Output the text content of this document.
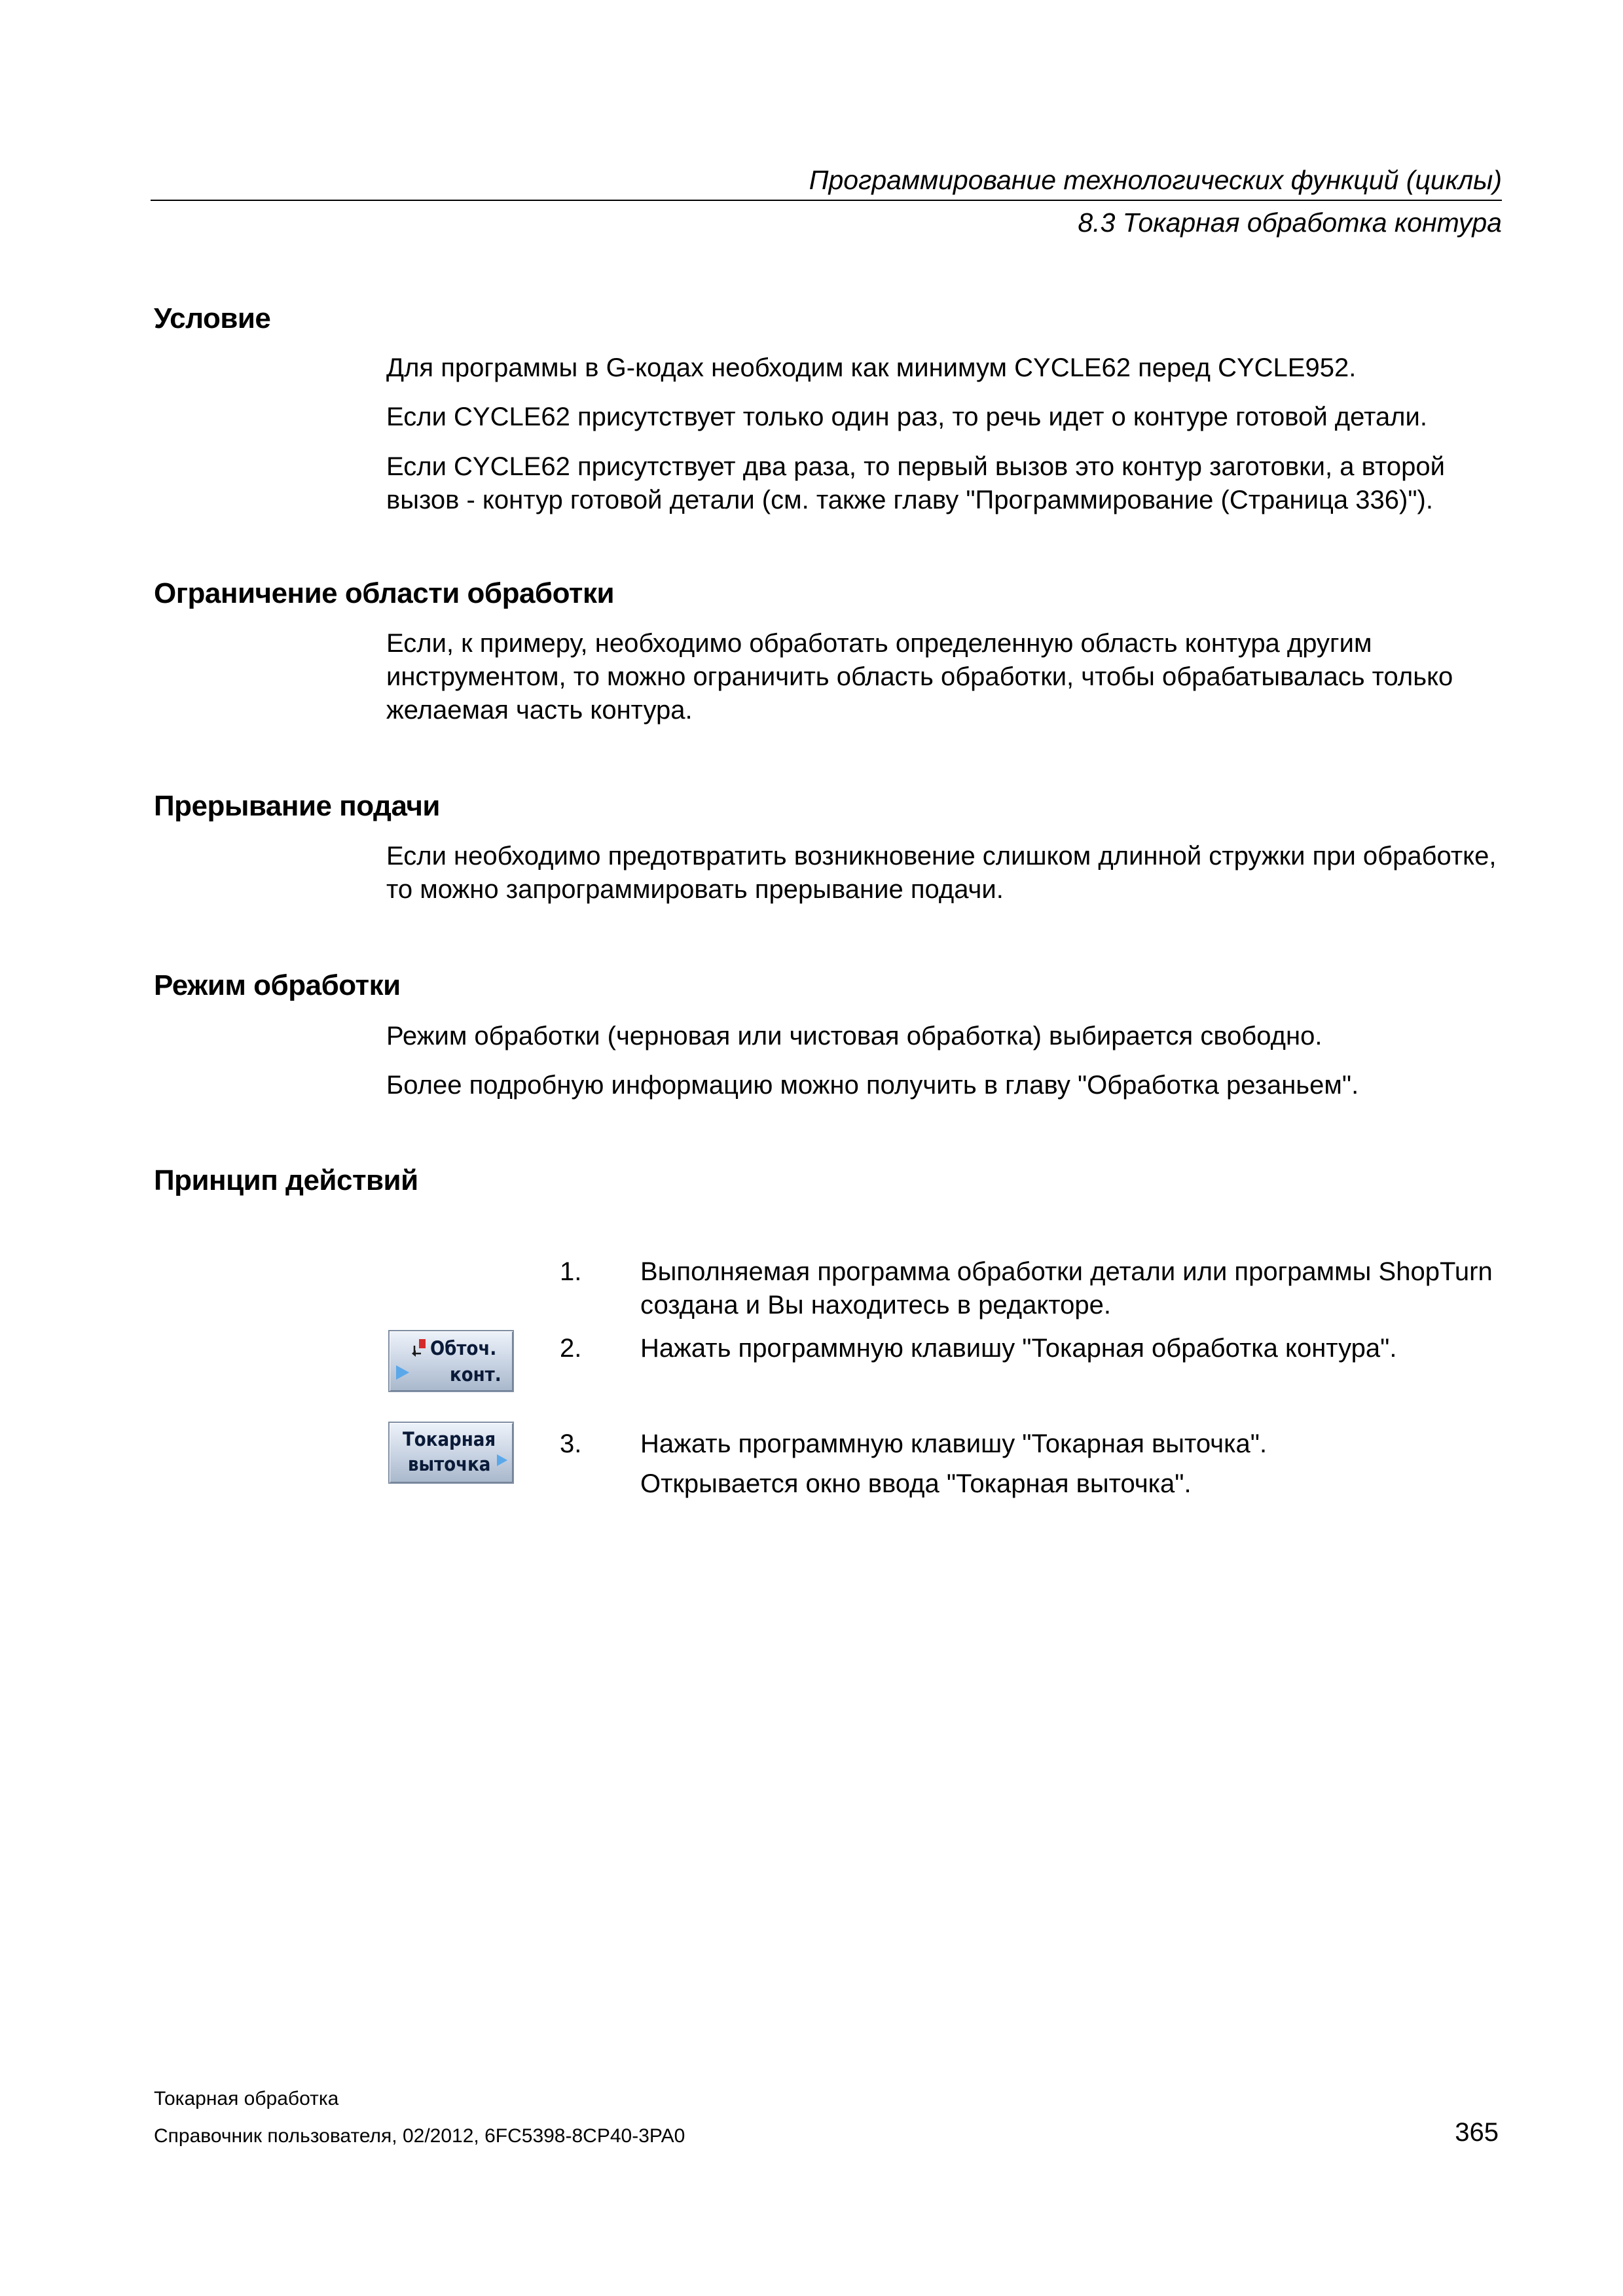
Программирование технологических функций (циклы)
8.3 Токарная обработка контура
Условие
Для программы в G-кодах необходим как минимум CYCLE62 перед CYCLE952.
Если CYCLE62 присутствует только один раз, то речь идет о контуре готовой детали.
Если CYCLE62 присутствует два раза, то первый вызов это контур заготовки, а второй вызов - контур готовой детали (см. также главу "Программирование (Страница 336)").
Ограничение области обработки
Если, к примеру, необходимо обработать определенную область контура другим инструментом, то можно ограничить область обработки, чтобы обрабатывалась только желаемая часть контура.
Прерывание подачи
Если необходимо предотвратить возникновение слишком длинной стружки при обработке, то можно запрограммировать прерывание подачи.
Режим обработки
Режим обработки (черновая или чистовая обработка) выбирается свободно.
Более подробную информацию можно получить в главу "Обработка резаньем".
Принцип действий
1. Выполняемая программа обработки детали или программы ShopTurn создана и Вы находитесь в редакторе.
2. Нажать программную клавишу "Токарная обработка контура".
3. Нажать программную клавишу "Токарная выточка".
Открывается окно ввода "Токарная выточка".
Обточ.
конт.
Токарная
выточка
Токарная обработка
Справочник пользователя, 02/2012, 6FC5398-8CP40-3PA0	365
